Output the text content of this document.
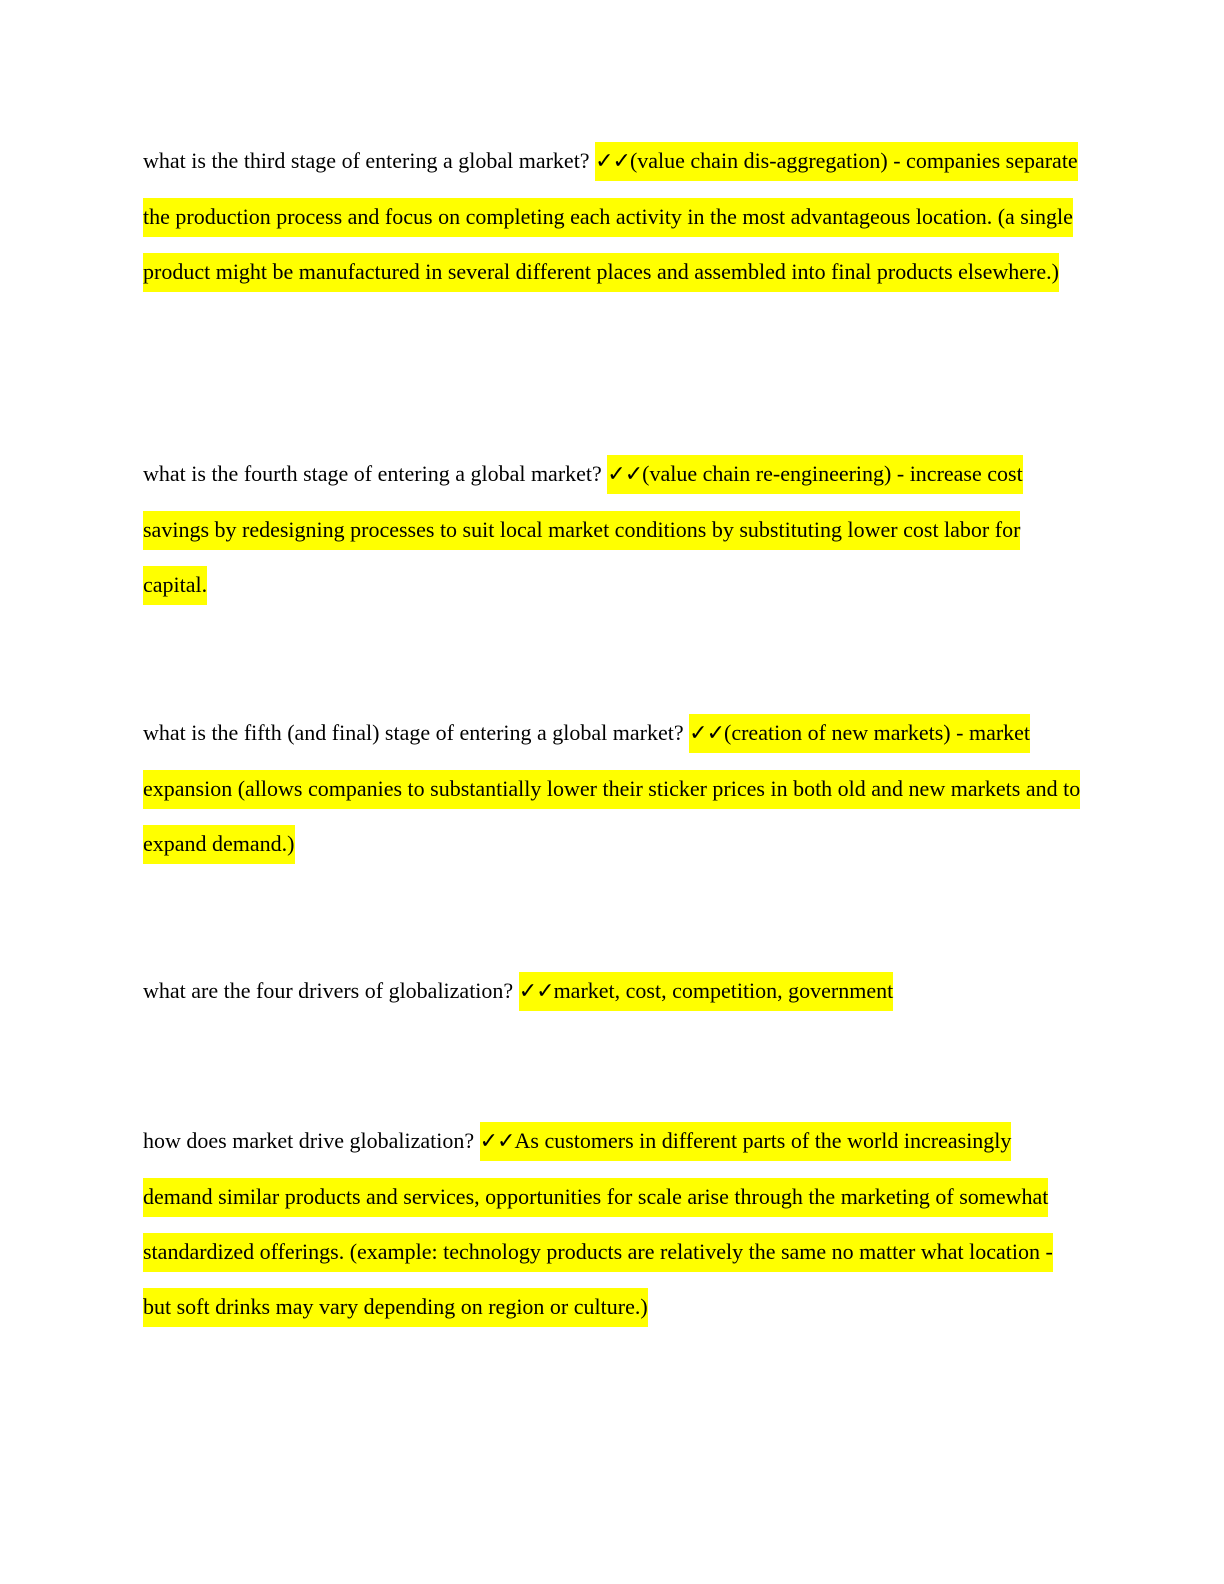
what is the third stage of entering a global market? ✓✓(value chain dis-aggregation) - companies separate the production process and focus on completing each activity in the most advantageous location. (a single product might be manufactured in several different places and assembled into final products elsewhere.)

what is the fourth stage of entering a global market? ✓✓(value chain re-engineering) - increase cost savings by redesigning processes to suit local market conditions by substituting lower cost labor for capital.

what is the fifth (and final) stage of entering a global market? ✓✓(creation of new markets) - market expansion (allows companies to substantially lower their sticker prices in both old and new markets and to expand demand.)

what are the four drivers of globalization? ✓✓market, cost, competition, government

how does market drive globalization? ✓✓As customers in different parts of the world increasingly demand similar products and services, opportunities for scale arise through the marketing of somewhat standardized offerings. (example: technology products are relatively the same no matter what location - but soft drinks may vary depending on region or culture.)
